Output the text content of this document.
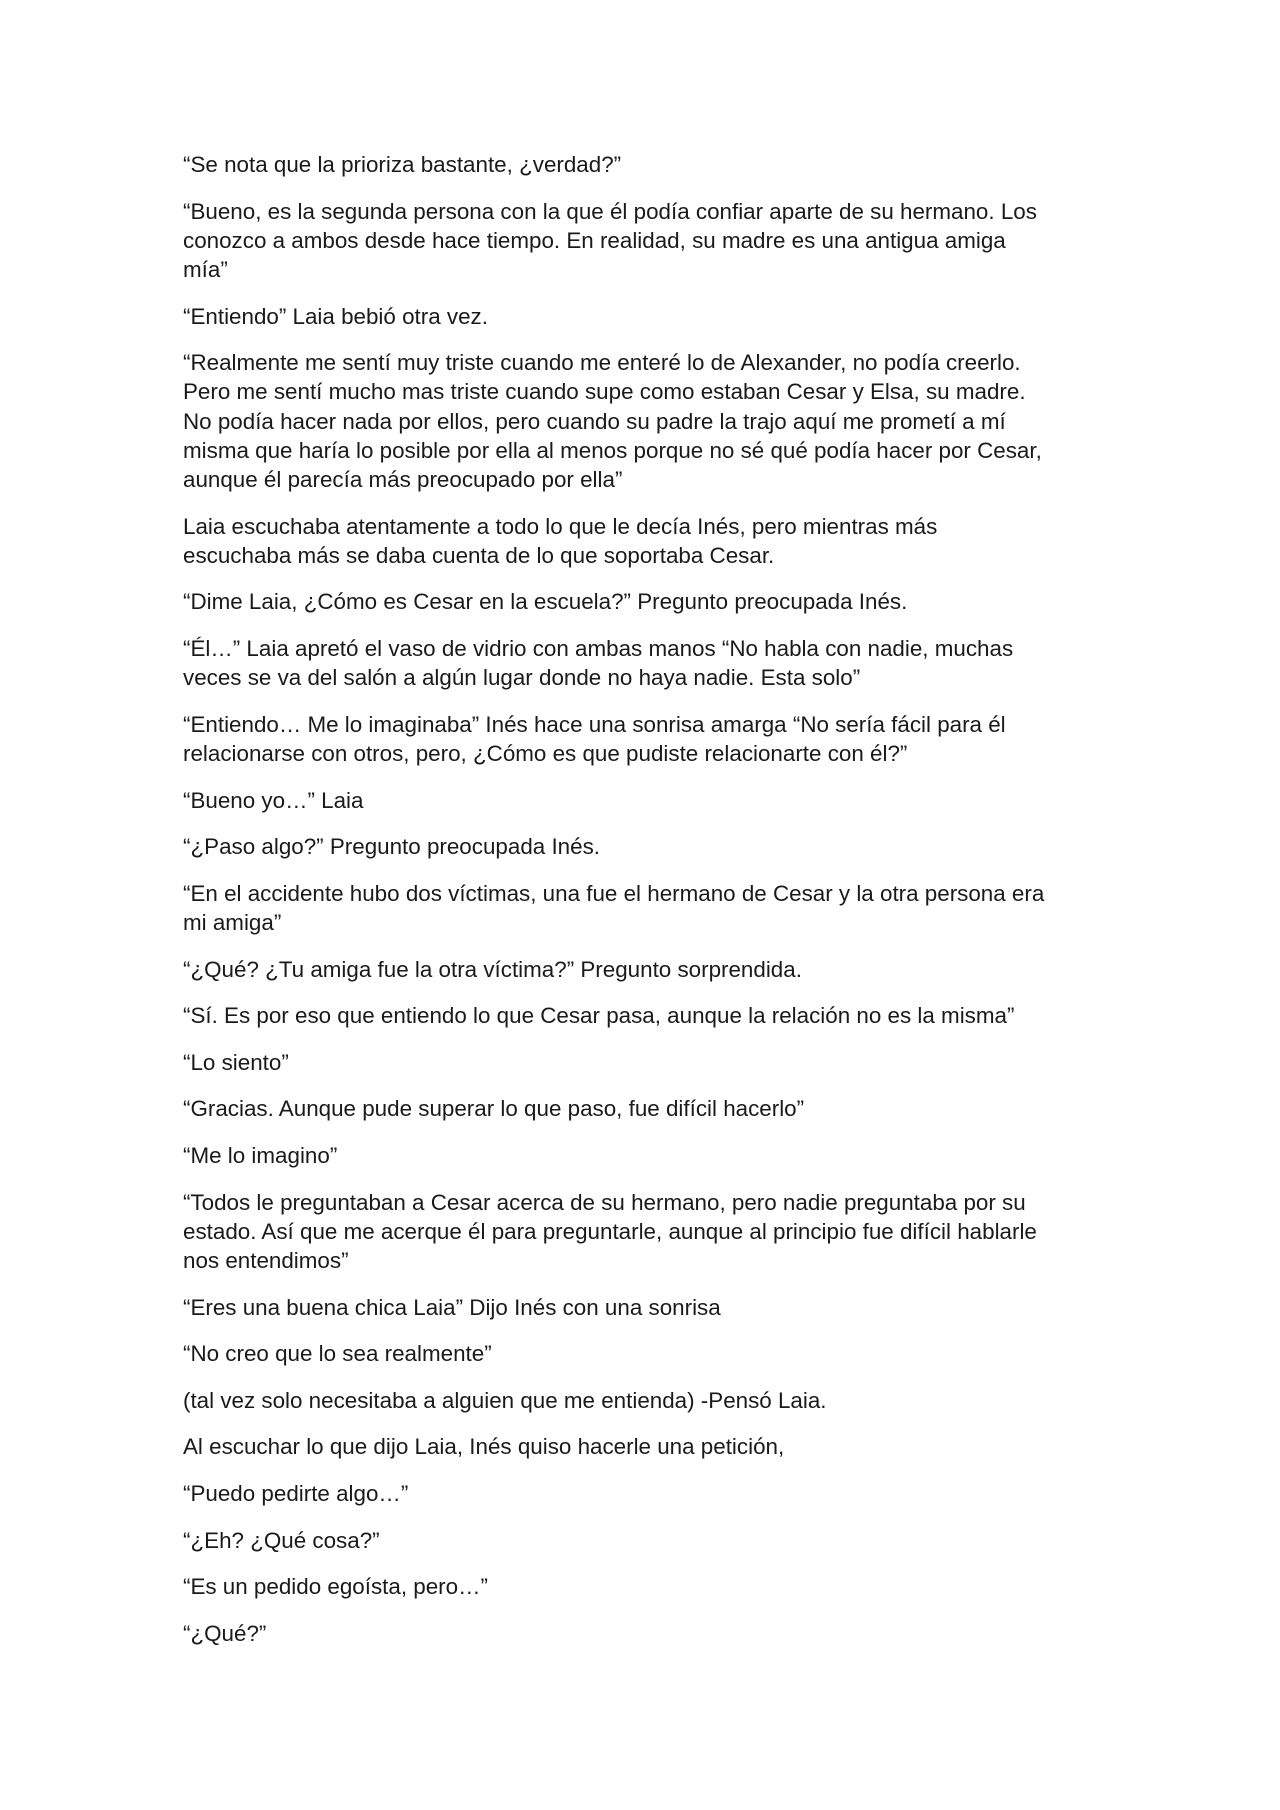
“Se nota que la prioriza bastante, ¿verdad?”

“Bueno, es la segunda persona con la que él podía confiar aparte de su hermano. Los
conozco a ambos desde hace tiempo. En realidad, su madre es una antigua amiga
mía”

“Entiendo” Laia bebió otra vez.

“Realmente me sentí muy triste cuando me enteré lo de Alexander, no podía creerlo.
Pero me sentí mucho mas triste cuando supe como estaban Cesar y Elsa, su madre.
No podía hacer nada por ellos, pero cuando su padre la trajo aquí me prometí a mí
misma que haría lo posible por ella al menos porque no sé qué podía hacer por Cesar,
aunque él parecía más preocupado por ella”

Laia escuchaba atentamente a todo lo que le decía Inés, pero mientras más
escuchaba más se daba cuenta de lo que soportaba Cesar.

“Dime Laia, ¿Cómo es Cesar en la escuela?” Pregunto preocupada Inés.

“Él…” Laia apretó el vaso de vidrio con ambas manos “No habla con nadie, muchas
veces se va del salón a algún lugar donde no haya nadie. Esta solo”

“Entiendo… Me lo imaginaba” Inés hace una sonrisa amarga “No sería fácil para él
relacionarse con otros, pero, ¿Cómo es que pudiste relacionarte con él?”

“Bueno yo…” Laia

“¿Paso algo?” Pregunto preocupada Inés.

“En el accidente hubo dos víctimas, una fue el hermano de Cesar y la otra persona era
mi amiga”

“¿Qué? ¿Tu amiga fue la otra víctima?” Pregunto sorprendida.

“Sí. Es por eso que entiendo lo que Cesar pasa, aunque la relación no es la misma”

“Lo siento”

“Gracias. Aunque pude superar lo que paso, fue difícil hacerlo”

“Me lo imagino”

“Todos le preguntaban a Cesar acerca de su hermano, pero nadie preguntaba por su
estado. Así que me acerque él para preguntarle, aunque al principio fue difícil hablarle
nos entendimos”

“Eres una buena chica Laia” Dijo Inés con una sonrisa

“No creo que lo sea realmente”

(tal vez solo necesitaba a alguien que me entienda) -Pensó Laia.

Al escuchar lo que dijo Laia, Inés quiso hacerle una petición,

“Puedo pedirte algo…”

“¿Eh? ¿Qué cosa?”

“Es un pedido egoísta, pero…”

“¿Qué?”
